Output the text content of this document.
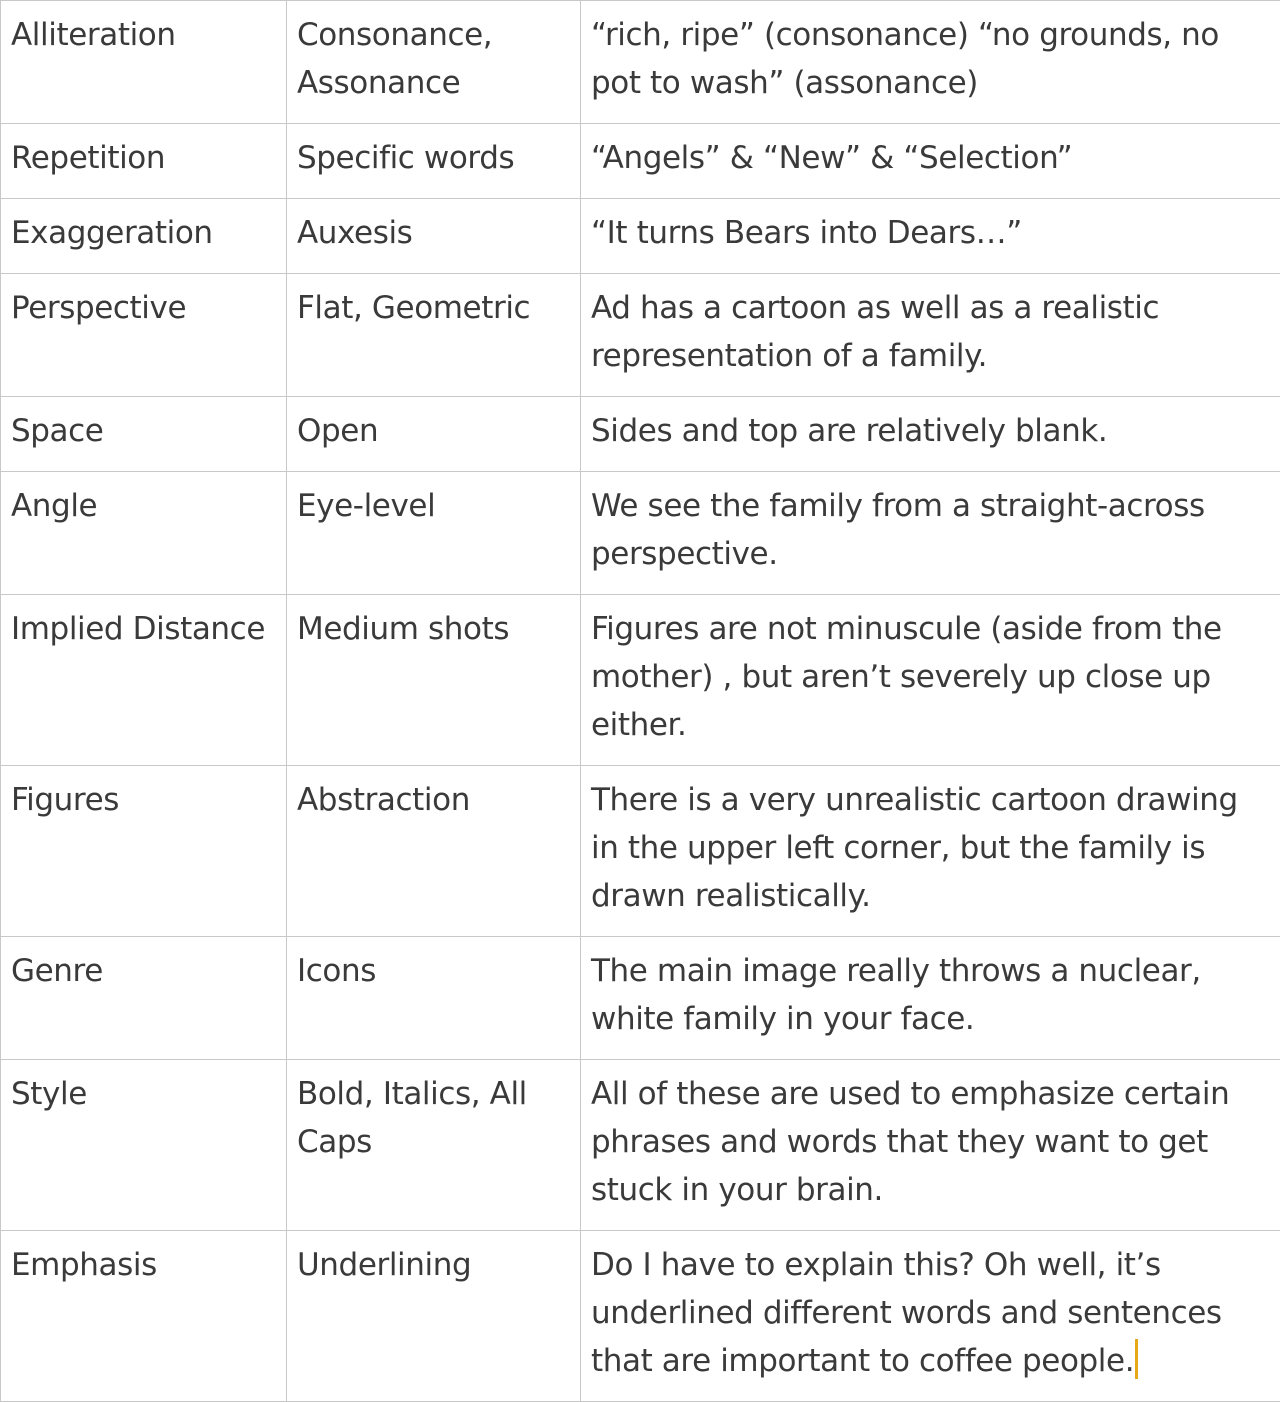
Alliteration	Consonance, Assonance	“rich, ripe” (consonance) “no grounds, no pot to wash” (assonance)
Repetition	Specific words	“Angels” & “New” & “Selection”
Exaggeration	Auxesis	“It turns Bears into Dears…”
Perspective	Flat, Geometric	Ad has a cartoon as well as a realistic representation of a family.
Space	Open	Sides and top are relatively blank.
Angle	Eye-level	We see the family from a straight-across perspective.
Implied Distance	Medium shots	Figures are not minuscule (aside from the mother) , but aren’t severely up close up either.
Figures	Abstraction	There is a very unrealistic cartoon drawing in the upper left corner, but the family is drawn realistically.
Genre	Icons	The main image really throws a nuclear, white family in your face.
Style	Bold, Italics, All Caps	All of these are used to emphasize certain phrases and words that they want to get stuck in your brain.
Emphasis	Underlining	Do I have to explain this? Oh well, it’s underlined different words and sentences that are important to coffee people.
